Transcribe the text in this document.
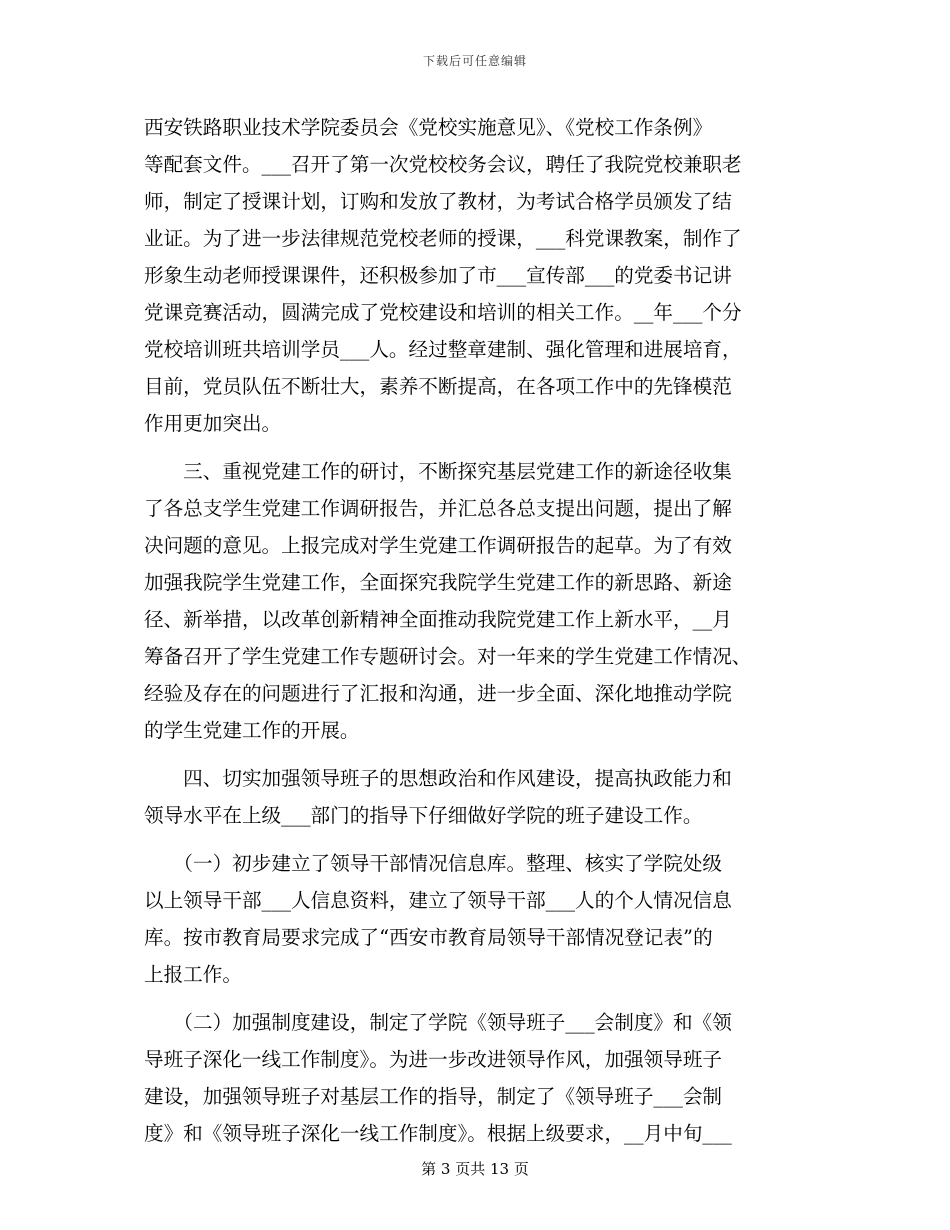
下载后可任意编辑
西安铁路职业技术学院委员会《党校实施意见》、《党校工作条例》
等配套文件。___召开了第一次党校校务会议，聘任了我院党校兼职老
师，制定了授课计划，订购和发放了教材，为考试合格学员颁发了结
业证。为了进一步法律规范党校老师的授课，___科党课教案，制作了
形象生动老师授课课件，还积极参加了市___宣传部___的党委书记讲
党课竞赛活动，圆满完成了党校建设和培训的相关工作。__年___个分
党校培训班共培训学员___人。经过整章建制、强化管理和进展培育，
目前，党员队伍不断壮大，素养不断提高，在各项工作中的先锋模范
作用更加突出。
　　三、重视党建工作的研讨，不断探究基层党建工作的新途径收集
了各总支学生党建工作调研报告，并汇总各总支提出问题，提出了解
决问题的意见。上报完成对学生党建工作调研报告的起草。为了有效
加强我院学生党建工作，全面探究我院学生党建工作的新思路、新途
径、新举措，以改革创新精神全面推动我院党建工作上新水平，__月
筹备召开了学生党建工作专题研讨会。对一年来的学生党建工作情况、
经验及存在的问题进行了汇报和沟通，进一步全面、深化地推动学院
的学生党建工作的开展。
　　四、切实加强领导班子的思想政治和作风建设，提高执政能力和
领导水平在上级___部门的指导下仔细做好学院的班子建设工作。
　　（一）初步建立了领导干部情况信息库。整理、核实了学院处级
以上领导干部___人信息资料，建立了领导干部___人的个人情况信息
库。按市教育局要求完成了“西安市教育局领导干部情况登记表”的
上报工作。
　　（二）加强制度建设，制定了学院《领导班子___会制度》和《领
导班子深化一线工作制度》。为进一步改进领导作风，加强领导班子
建设，加强领导班子对基层工作的指导，制定了《领导班子___会制
度》和《领导班子深化一线工作制度》。根据上级要求，__月中旬___
第 3 页共 13 页
